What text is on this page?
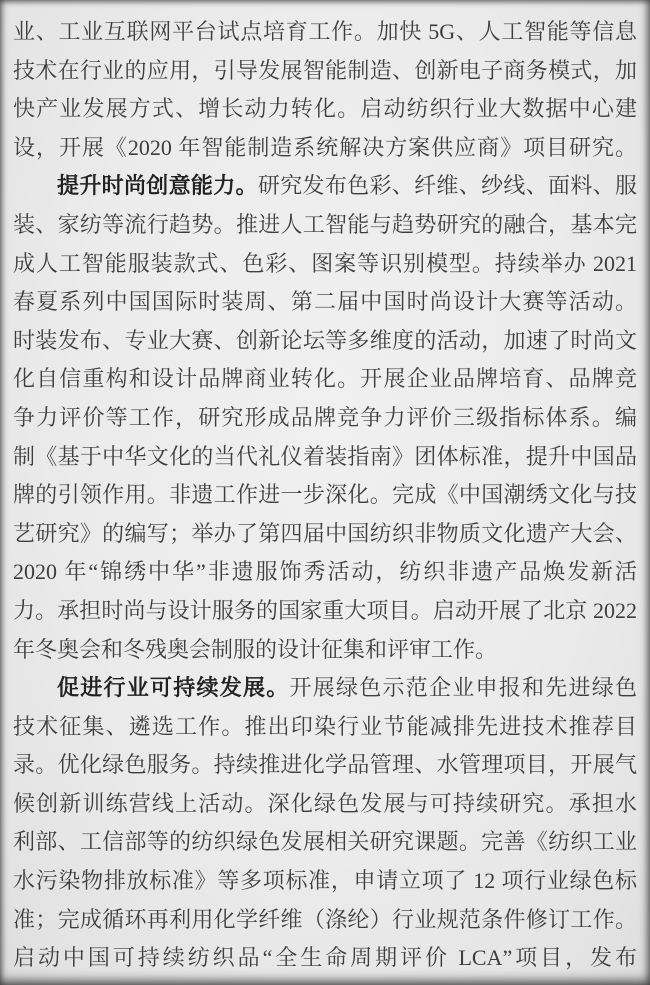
业、工业互联网平台试点培育工作。加快 5G、人工智能等信息
技术在行业的应用，引导发展智能制造、创新电子商务模式，加
快产业发展方式、增长动力转化。启动纺织行业大数据中心建
设，开展《2020 年智能制造系统解决方案供应商》项目研究。
提升时尚创意能力。研究发布色彩、纤维、纱线、面料、服
装、家纺等流行趋势。推进人工智能与趋势研究的融合，基本完
成人工智能服装款式、色彩、图案等识别模型。持续举办 2021
春夏系列中国国际时装周、第二届中国时尚设计大赛等活动。
时装发布、专业大赛、创新论坛等多维度的活动，加速了时尚文
化自信重构和设计品牌商业转化。开展企业品牌培育、品牌竞
争力评价等工作，研究形成品牌竞争力评价三级指标体系。编
制《基于中华文化的当代礼仪着装指南》团体标准，提升中国品
牌的引领作用。非遗工作进一步深化。完成《中国潮绣文化与技
艺研究》的编写；举办了第四届中国纺织非物质文化遗产大会、
2020 年“锦绣中华”非遗服饰秀活动，纺织非遗产品焕发新活
力。承担时尚与设计服务的国家重大项目。启动开展了北京 2022
年冬奥会和冬残奥会制服的设计征集和评审工作。
促进行业可持续发展。开展绿色示范企业申报和先进绿色
技术征集、遴选工作。推出印染行业节能减排先进技术推荐目
录。优化绿色服务。持续推进化学品管理、水管理项目，开展气
候创新训练营线上活动。深化绿色发展与可持续研究。承担水
利部、工信部等的纺织绿色发展相关研究课题。完善《纺织工业
水污染物排放标准》等多项标准，申请立项了 12 项行业绿色标
准；完成循环再利用化学纤维（涤纶）行业规范条件修订工作。
启动中国可持续纺织品“全生命周期评价 LCA”项目，发布
